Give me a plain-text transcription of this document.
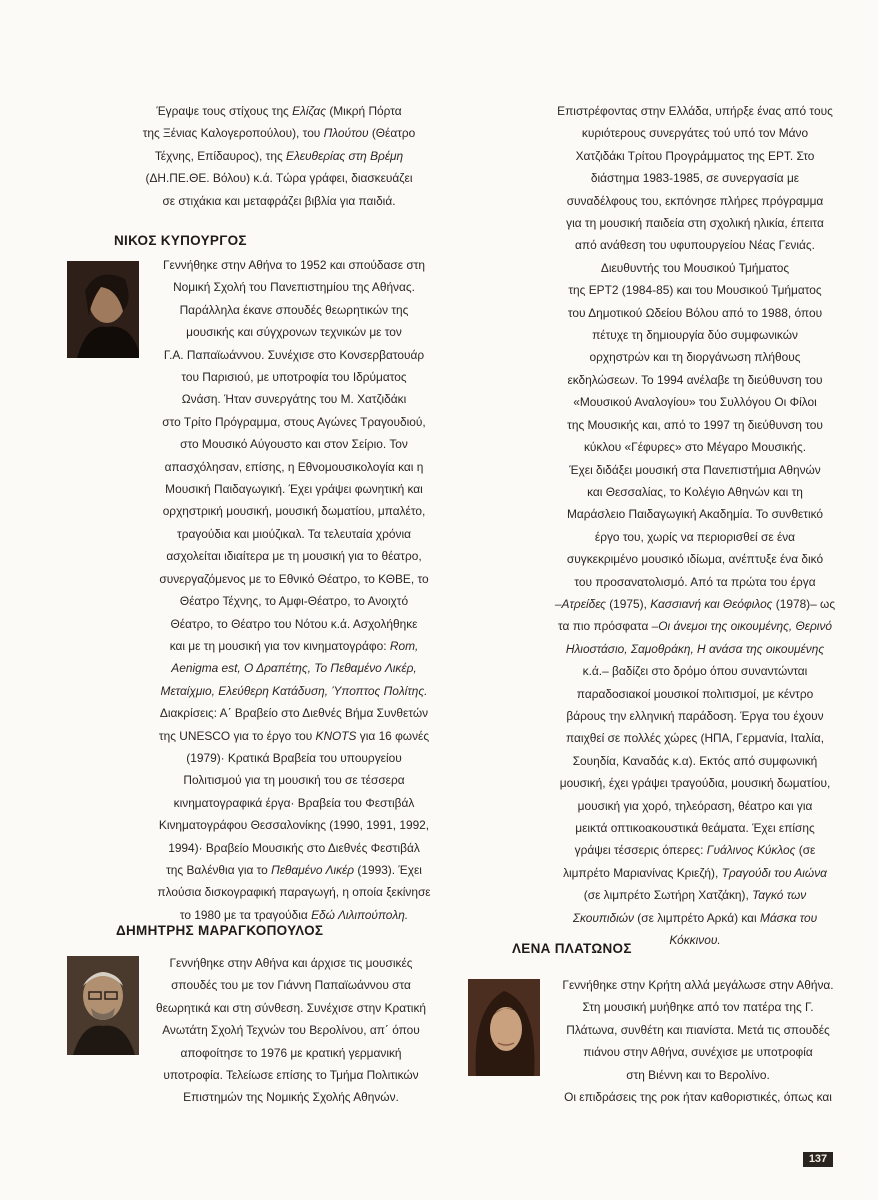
Έγραψε τους στίχους της Ελίζας (Μικρή Πόρτα
της Ξένιας Καλογεροπούλου), του Πλούτου (Θέατρο
Τέχνης, Επίδαυρος), της Ελευθερίας στη Βρέμη
(ΔΗ.ΠΕ.ΘΕ. Βόλου) κ.ά. Τώρα γράφει, διασκευάζει
σε στιχάκια και μεταφράζει βιβλία για παιδιά.

ΝΙΚΟΣ ΚΥΠΟΥΡΓΟΣ

Γεννήθηκε στην Αθήνα το 1952 και σπούδασε στη
Νομική Σχολή του Πανεπιστημίου της Αθήνας.
Παράλληλα έκανε σπουδές θεωρητικών της
μουσικής και σύγχρονων τεχνικών με τον
Γ.Α. Παπαϊωάννου. Συνέχισε στο Κονσερβατουάρ
του Παρισιού, με υποτροφία του Ιδρύματος
Ωνάση. Ήταν συνεργάτης του Μ. Χατζιδάκι
στο Τρίτο Πρόγραμμα, στους Αγώνες Τραγουδιού,
στο Μουσικό Αύγουστο και στον Σείριο. Τον
απασχόλησαν, επίσης, η Εθνομουσικολογία και η
Μουσική Παιδαγωγική. Έχει γράψει φωνητική και
ορχηστρική μουσική, μουσική δωματίου, μπαλέτο,
τραγούδια και μιούζικαλ. Τα τελευταία χρόνια
ασχολείται ιδιαίτερα με τη μουσική για το θέατρο,
συνεργαζόμενος με το Εθνικό Θέατρο, το ΚΘΒΕ, το
Θέατρο Τέχνης, το Αμφι-Θέατρο, το Ανοιχτό
Θέατρο, το Θέατρο του Νότου κ.ά. Ασχολήθηκε
και με τη μουσική για τον κινηματογράφο: Rom,
Aenigma est, Ο Δραπέτης, Το Πεθαμένο Λικέρ,
Μεταίχμιο, Ελεύθερη Κατάδυση, Ύποπτος Πολίτης.
Διακρίσεις: Α΄ Βραβείο στο Διεθνές Βήμα Συνθετών
της UNESCO για το έργο του KNOTS για 16 φωνές
(1979)· Κρατικά Βραβεία του υπουργείου
Πολιτισμού για τη μουσική του σε τέσσερα
κινηματογραφικά έργα· Βραβεία του Φεστιβάλ
Κινηματογράφου Θεσσαλονίκης (1990, 1991, 1992,
1994)· Βραβείο Μουσικής στο Διεθνές Φεστιβάλ
της Βαλένθια για το Πεθαμένο Λικέρ (1993). Έχει
πλούσια δισκογραφική παραγωγή, η οποία ξεκίνησε
το 1980 με τα τραγούδια Εδώ Λιλιπούπολη.

ΔΗΜΗΤΡΗΣ ΜΑΡΑΓΚΟΠΟΥΛΟΣ

Γεννήθηκε στην Αθήνα και άρχισε τις μουσικές
σπουδές του με τον Γιάννη Παπαϊωάννου στα
θεωρητικά και στη σύνθεση. Συνέχισε στην Κρατική
Ανωτάτη Σχολή Τεχνών του Βερολίνου, απ΄ όπου
αποφοίτησε το 1976 με κρατική γερμανική
υποτροφία. Τελείωσε επίσης το Τμήμα Πολιτικών
Επιστημών της Νομικής Σχολής Αθηνών.

Επιστρέφοντας στην Ελλάδα, υπήρξε ένας από τους
κυριότερους συνεργάτες τού υπό τον Μάνο
Χατζιδάκι Τρίτου Προγράμματος της ΕΡΤ. Στο
διάστημα 1983-1985, σε συνεργασία με
συναδέλφους του, εκπόνησε πλήρες πρόγραμμα
για τη μουσική παιδεία στη σχολική ηλικία, έπειτα
από ανάθεση του υφυπουργείου Νέας Γενιάς.
Διευθυντής του Μουσικού Τμήματος
της ΕΡΤ2 (1984-85) και του Μουσικού Τμήματος
του Δημοτικού Ωδείου Βόλου από το 1988, όπου
πέτυχε τη δημιουργία δύο συμφωνικών
ορχηστρών και τη διοργάνωση πλήθους
εκδηλώσεων. Το 1994 ανέλαβε τη διεύθυνση του
«Μουσικού Αναλογίου» του Συλλόγου Οι Φίλοι
της Μουσικής και, από το 1997 τη διεύθυνση του
κύκλου «Γέφυρες» στο Μέγαρο Μουσικής.
Έχει διδάξει μουσική στα Πανεπιστήμια Αθηνών
και Θεσσαλίας, το Κολέγιο Αθηνών και τη
Μαράσλειο Παιδαγωγική Ακαδημία. Το συνθετικό
έργο του, χωρίς να περιορισθεί σε ένα
συγκεκριμένο μουσικό ιδίωμα, ανέπτυξε ένα δικό
του προσανατολισμό. Από τα πρώτα του έργα
–Ατρείδες (1975), Κασσιανή και Θεόφιλος (1978)– ως
τα πιο πρόσφατα –Οι άνεμοι της οικουμένης, Θερινό
Ηλιοστάσιο, Σαμοθράκη, Η ανάσα της οικουμένης
κ.ά.– βαδίζει στο δρόμο όπου συναντώνται
παραδοσιακοί μουσικοί πολιτισμοί, με κέντρο
βάρους την ελληνική παράδοση. Έργα του έχουν
παιχθεί σε πολλές χώρες (ΗΠΑ, Γερμανία, Ιταλία,
Σουηδία, Καναδάς κ.α). Εκτός από συμφωνική
μουσική, έχει γράψει τραγούδια, μουσική δωματίου,
μουσική για χορό, τηλεόραση, θέατρο και για
μεικτά οπτικοακουστικά θεάματα. Έχει επίσης
γράψει τέσσερις όπερες: Γυάλινος Κύκλος (σε
λιμπρέτο Μαριανίνας Κριεζή), Τραγούδι του Αιώνα
(σε λιμπρέτο Σωτήρη Χατζάκη), Ταγκό των
Σκουπιδιών (σε λιμπρέτο Αρκά) και Μάσκα του
Κόκκινου.

ΛΕΝΑ ΠΛΑΤΩΝΟΣ

Γεννήθηκε στην Κρήτη αλλά μεγάλωσε στην Αθήνα.
Στη μουσική μυήθηκε από τον πατέρα της Γ.
Πλάτωνα, συνθέτη και πιανίστα. Μετά τις σπουδές
πιάνου στην Αθήνα, συνέχισε με υποτροφία
στη Βιέννη και το Βερολίνο.
Οι επιδράσεις της ροκ ήταν καθοριστικές, όπως και

137
